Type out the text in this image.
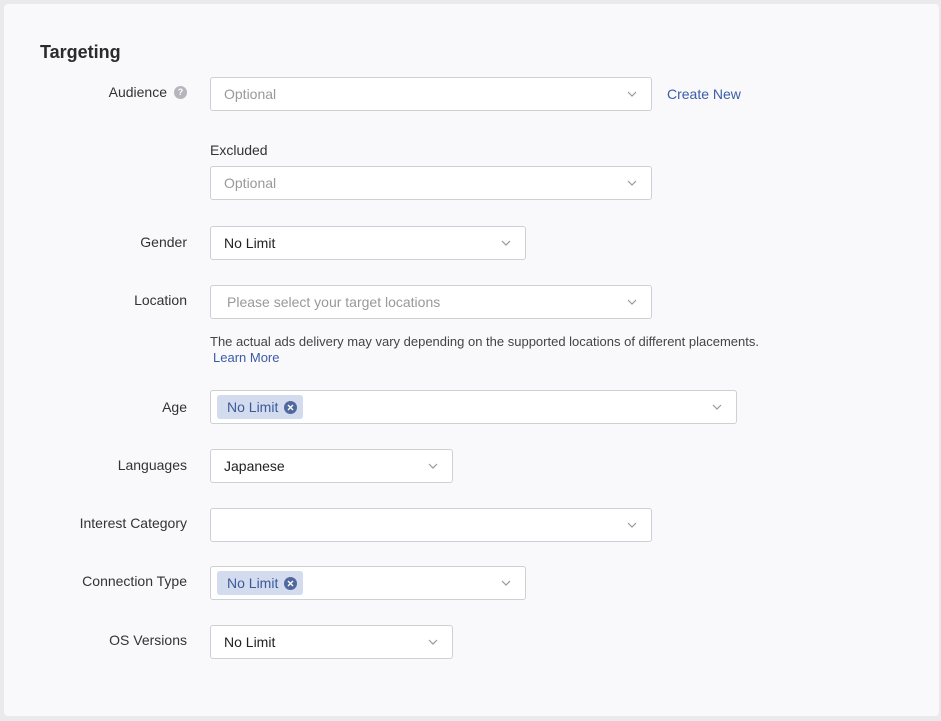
Targeting
Audience	?	Optional	Create New
Excluded
Optional
Gender	No Limit
Location	Please select your target locations
The actual ads delivery may vary depending on the supported locations of different placements.
Learn More
Age	No Limit
Languages	Japanese
Interest Category
Connection Type	No Limit
OS Versions	No Limit
